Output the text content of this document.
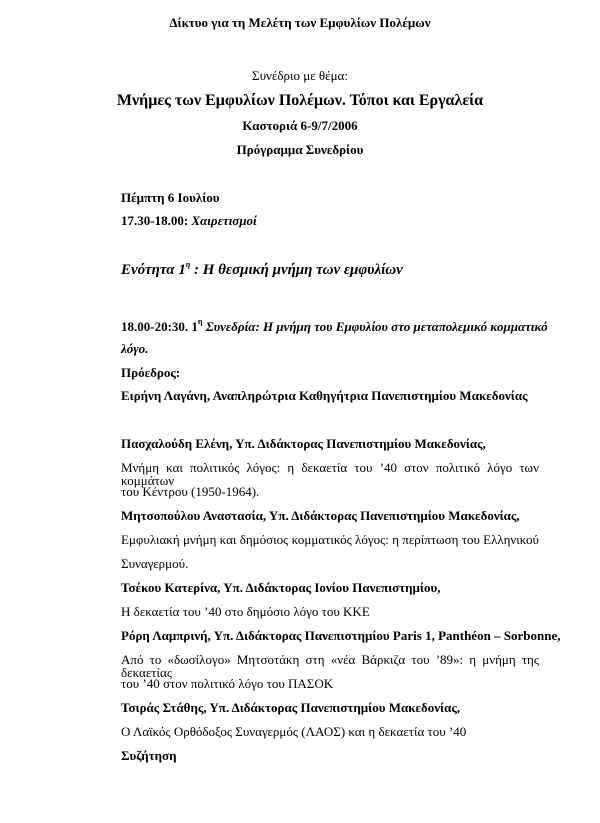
Δίκτυο για τη Μελέτη των Εμφυλίων Πολέμων
Συνέδριο με θέμα:
Μνήμες των Εμφυλίων Πολέμων. Τόποι και Εργαλεία
Καστοριά 6-9/7/2006
Πρόγραμμα Συνεδρίου
Πέμπτη 6 Ιουλίου
17.30-18.00: Χαιρετισμοί
Ενότητα $1^\eta$ : Η θεσμική μνήμη των εμφυλίων
18.00-20:30. $1^\eta$ Συνεδρία: Η μνήμη του Εμφυλίου στο μεταπολεμικό κομματικό
λόγο.
Πρόεδρος:
Ειρήνη Λαγάνη, Αναπληρώτρια Καθηγήτρια Πανεπιστημίου Μακεδονίας
Πασχαλούδη Ελένη, Υπ. Διδάκτορας Πανεπιστημίου Μακεδονίας,
Μνήμη και πολιτικός λόγος: η δεκαετία του ’40 στον πολιτικό λόγο των κομμάτων
του Κέντρου (1950-1964).
Μητσοπούλου Αναστασία, Υπ. Διδάκτορας Πανεπιστημίου Μακεδονίας,
Εμφυλιακή μνήμη και δημόσιος κομματικός λόγος: η περίπτωση του Ελληνικού
Συναγερμού.
Τσέκου Κατερίνα, Υπ. Διδάκτορας Ιονίου Πανεπιστημίου,
Η δεκαετία του ’40 στο δημόσιο λόγο του ΚΚΕ
Ρόρη Λαμπρινή, Υπ. Διδάκτορας Πανεπιστημίου Paris 1, Panthéon – Sorbonne,
Από το «δωσίλογο» Μητσοτάκη στη «νέα Βάρκιζα του ’89»: η μνήμη της δεκαετίας
του ’40 στον πολιτικό λόγο του ΠΑΣΟΚ
Τσιράς Στάθης, Υπ. Διδάκτορας Πανεπιστημίου Μακεδονίας,
Ο Λαϊκός Ορθόδοξος Συναγερμός (ΛΑΟΣ) και η δεκαετία του ’40
Συζήτηση
